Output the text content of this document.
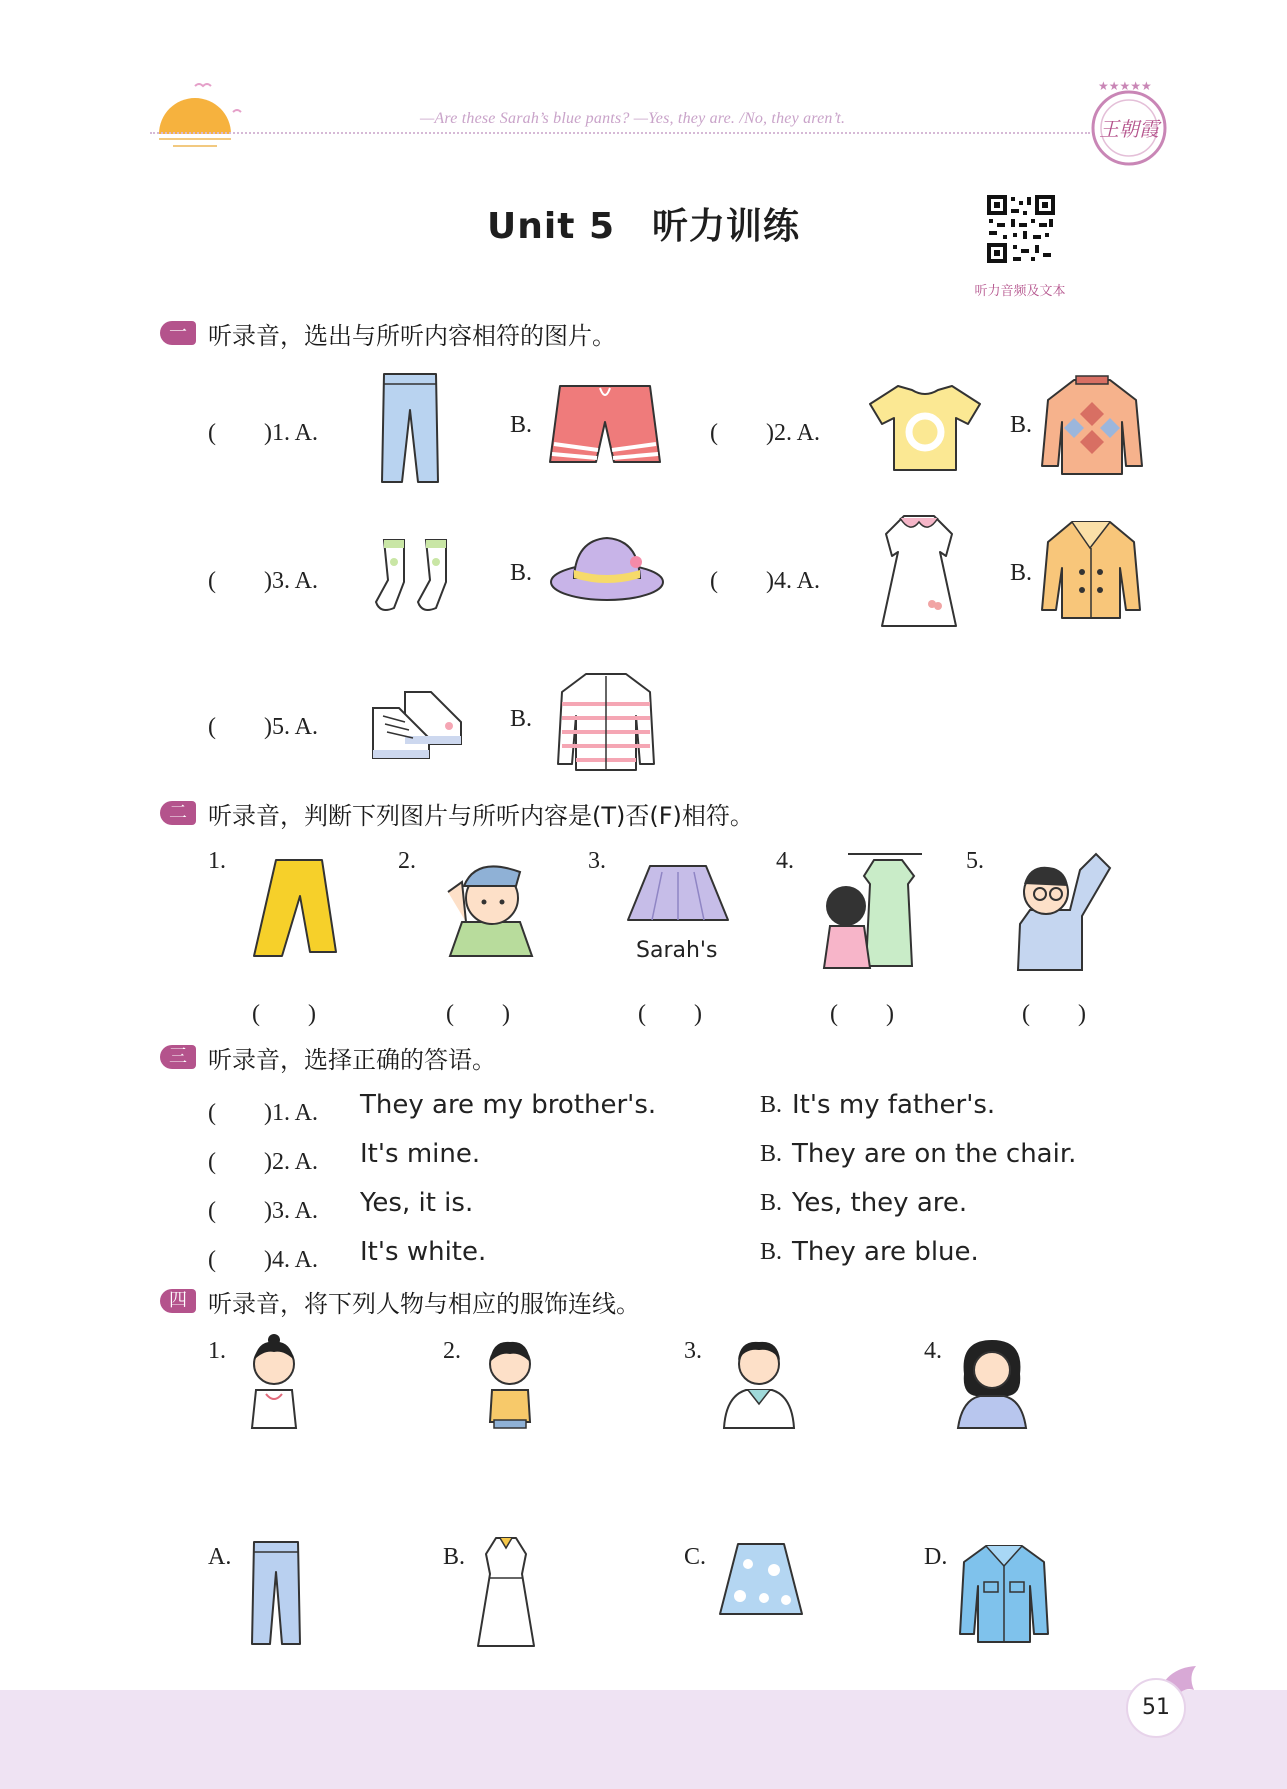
—Are these Sarah’s blue pants? —Yes, they are. /No, they aren’t.	王朝霞
★★★★★
Unit 5　听力训练
听力音频及文本
一 听录音，选出与所听内容相符的图片。
(　　)1. A.	B.	(　　)2. A.	B.
(　　)3. A.	B.	(　　)4. A.	B.
(　　)5. A.	B.
二 听录音，判断下列图片与所听内容是(T)否(F)相符。
1.
(　　)
2.
(　　)
3.
Sarah's
(　　)
4.
(　　)
5.
(　　)
三 听录音，选择正确的答语。
(　　)1. A. They are my brother's.	B. It's my father's.
(　　)2. A. It's mine.	B. They are on the chair.
(　　)3. A. Yes, it is.	B. Yes, they are.
(　　)4. A. It's white.	B. They are blue.
四 听录音，将下列人物与相应的服饰连线。
1.	2.	3.	4.
A.	B.	C.	D.
51
